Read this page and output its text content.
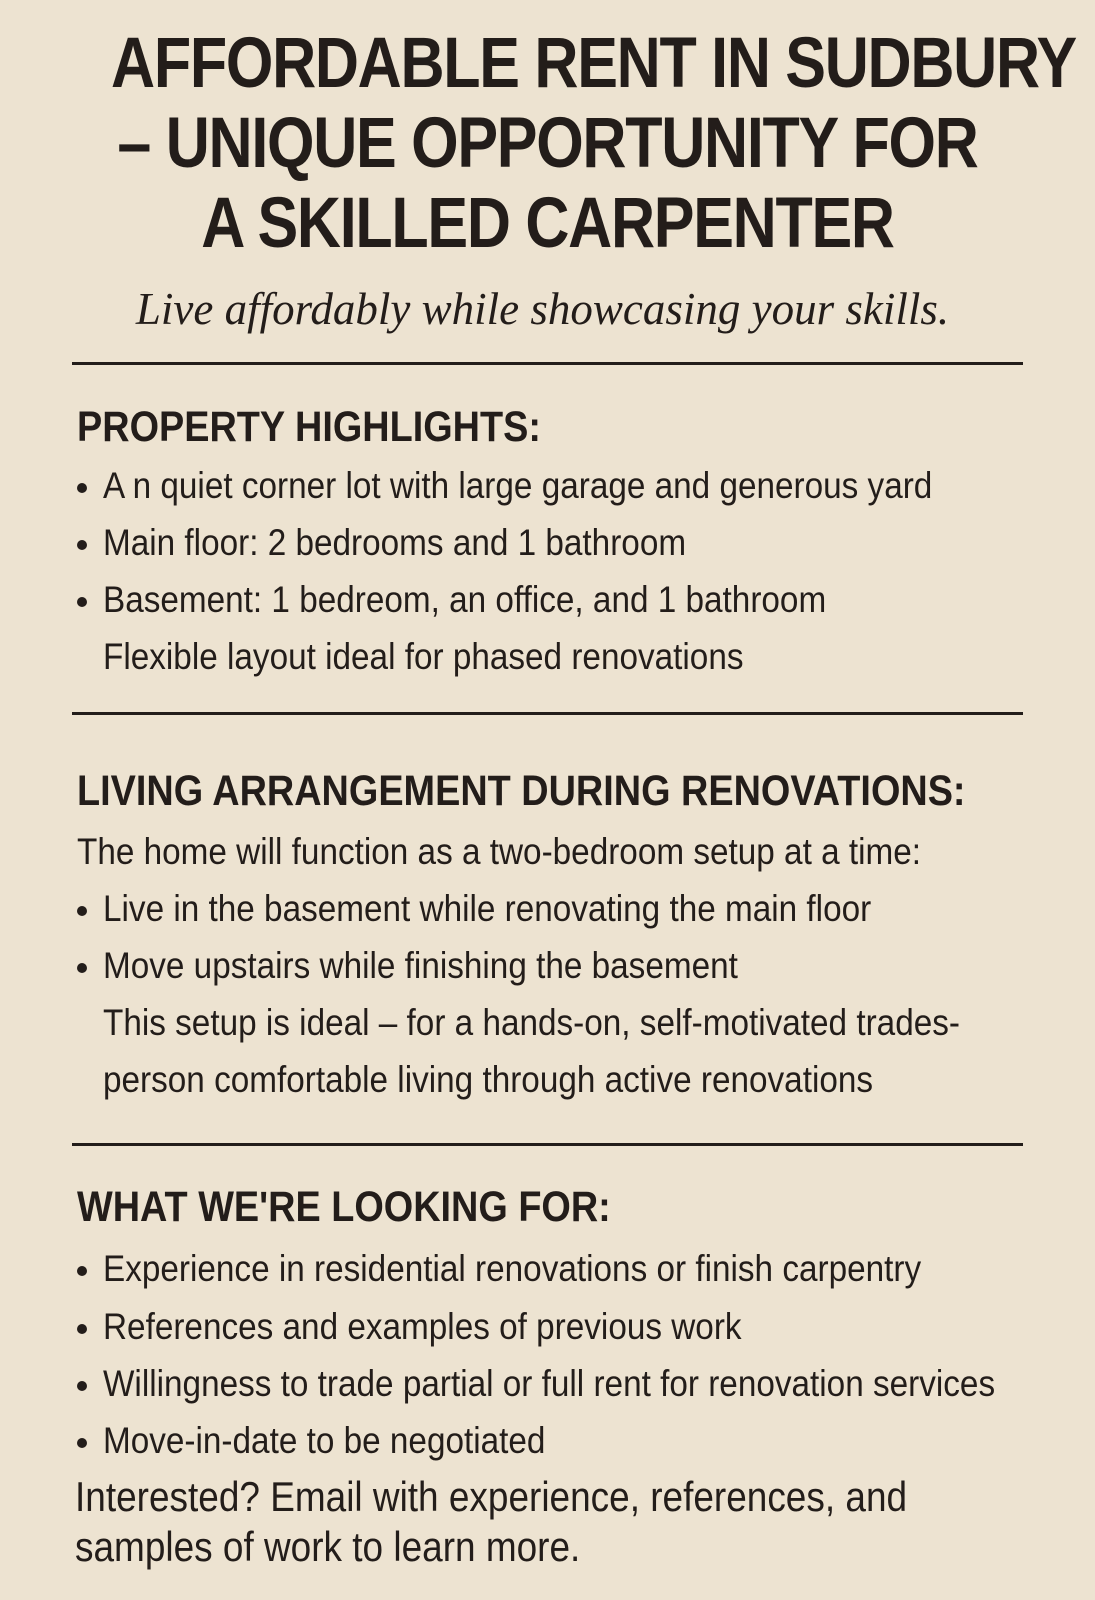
AFFORDABLE RENT IN SUDBURY
– UNIQUE OPPORTUNITY FOR
A SKILLED CARPENTER

Live affordably while showcasing your skills.

PROPERTY HIGHLIGHTS:

A n quiet corner lot with large garage and generous yard

Main floor: 2 bedrooms and 1 bathroom

Basement: 1 bedreom, an office, and 1 bathroom

Flexible layout ideal for phased renovations

LIVING ARRANGEMENT DURING RENOVATIONS:

The home will function as a two-bedroom setup at a time:

Live in the basement while renovating the main floor

Move upstairs while finishing the basement

This setup is ideal – for a hands-on, self-motivated trades-

person comfortable living through active renovations

WHAT WE'RE LOOKING FOR:

Experience in residential renovations or finish carpentry

References and examples of previous work

Willingness to trade partial or full rent for renovation services

Move-in-date to be negotiated

Interested? Email with experience, references, and
samples of work to learn more.
